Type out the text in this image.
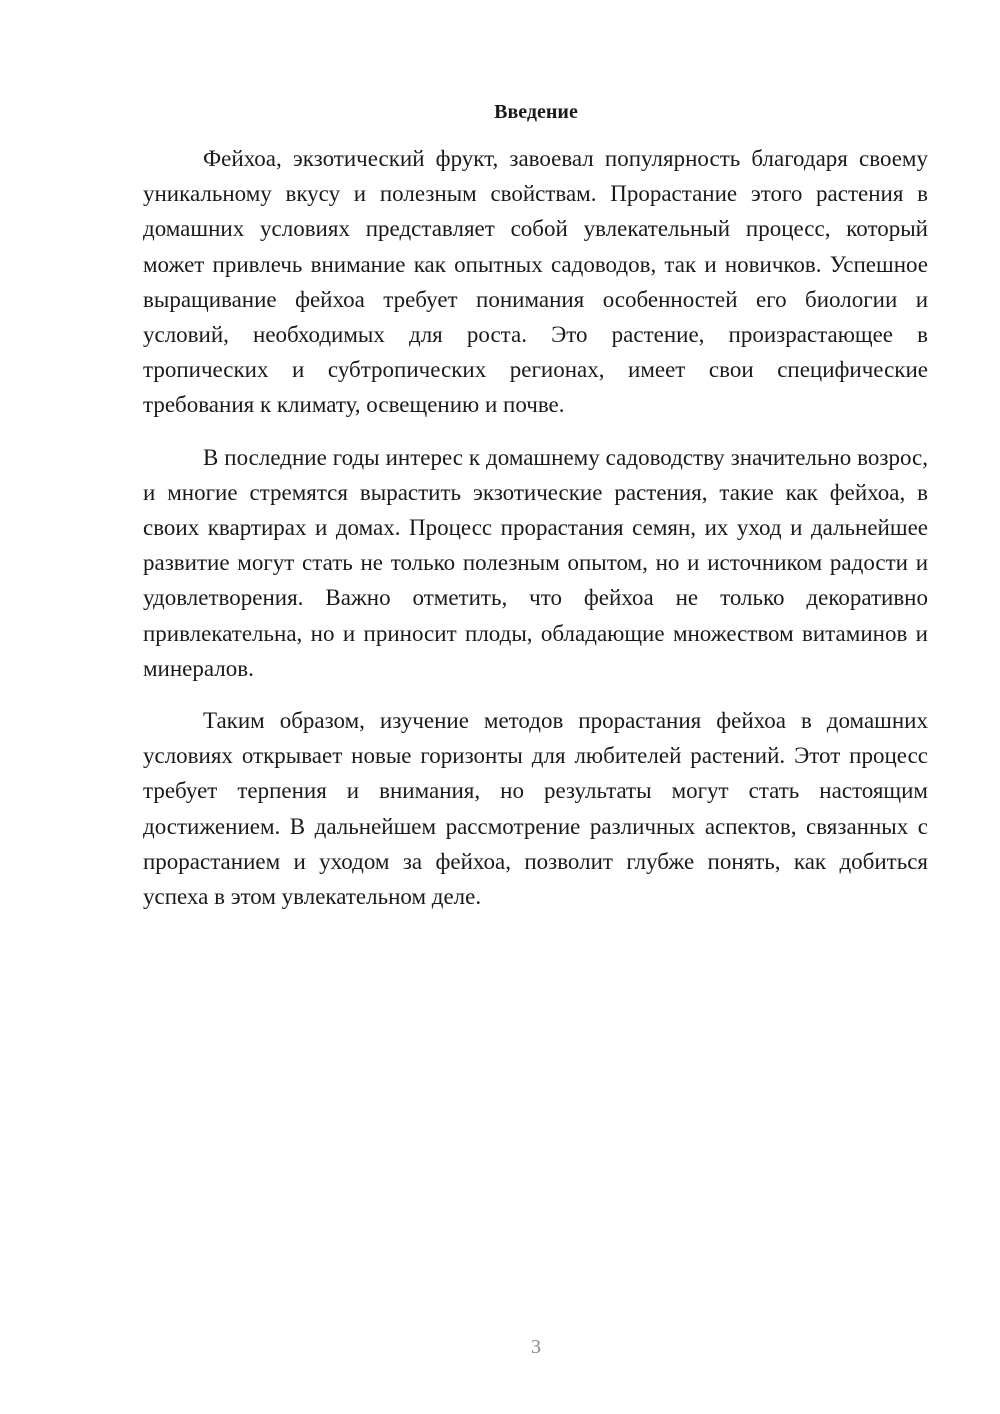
Введение

Фейхоа, экзотический фрукт, завоевал популярность благодаря своему уникальному вкусу и полезным свойствам. Прорастание этого растения в домашних условиях представляет собой увлекательный процесс, который может привлечь внимание как опытных садоводов, так и новичков. Успешное выращивание фейхоа требует понимания особенностей его биологии и условий, необходимых для роста. Это растение, произрастающее в тропических и субтропических регионах, имеет свои специфические требования к климату, освещению и почве.

В последние годы интерес к домашнему садоводству значительно возрос, и многие стремятся вырастить экзотические растения, такие как фейхоа, в своих квартирах и домах. Процесс прорастания семян, их уход и дальнейшее развитие могут стать не только полезным опытом, но и источником радости и удовлетворения. Важно отметить, что фейхоа не только декоративно привлекательна, но и приносит плоды, обладающие множеством витаминов и минералов.

Таким образом, изучение методов прорастания фейхоа в домашних условиях открывает новые горизонты для любителей растений. Этот процесс требует терпения и внимания, но результаты могут стать настоящим достижением. В дальнейшем рассмотрение различных аспектов, связанных с прорастанием и уходом за фейхоа, позволит глубже понять, как добиться успеха в этом увлекательном деле.

3
